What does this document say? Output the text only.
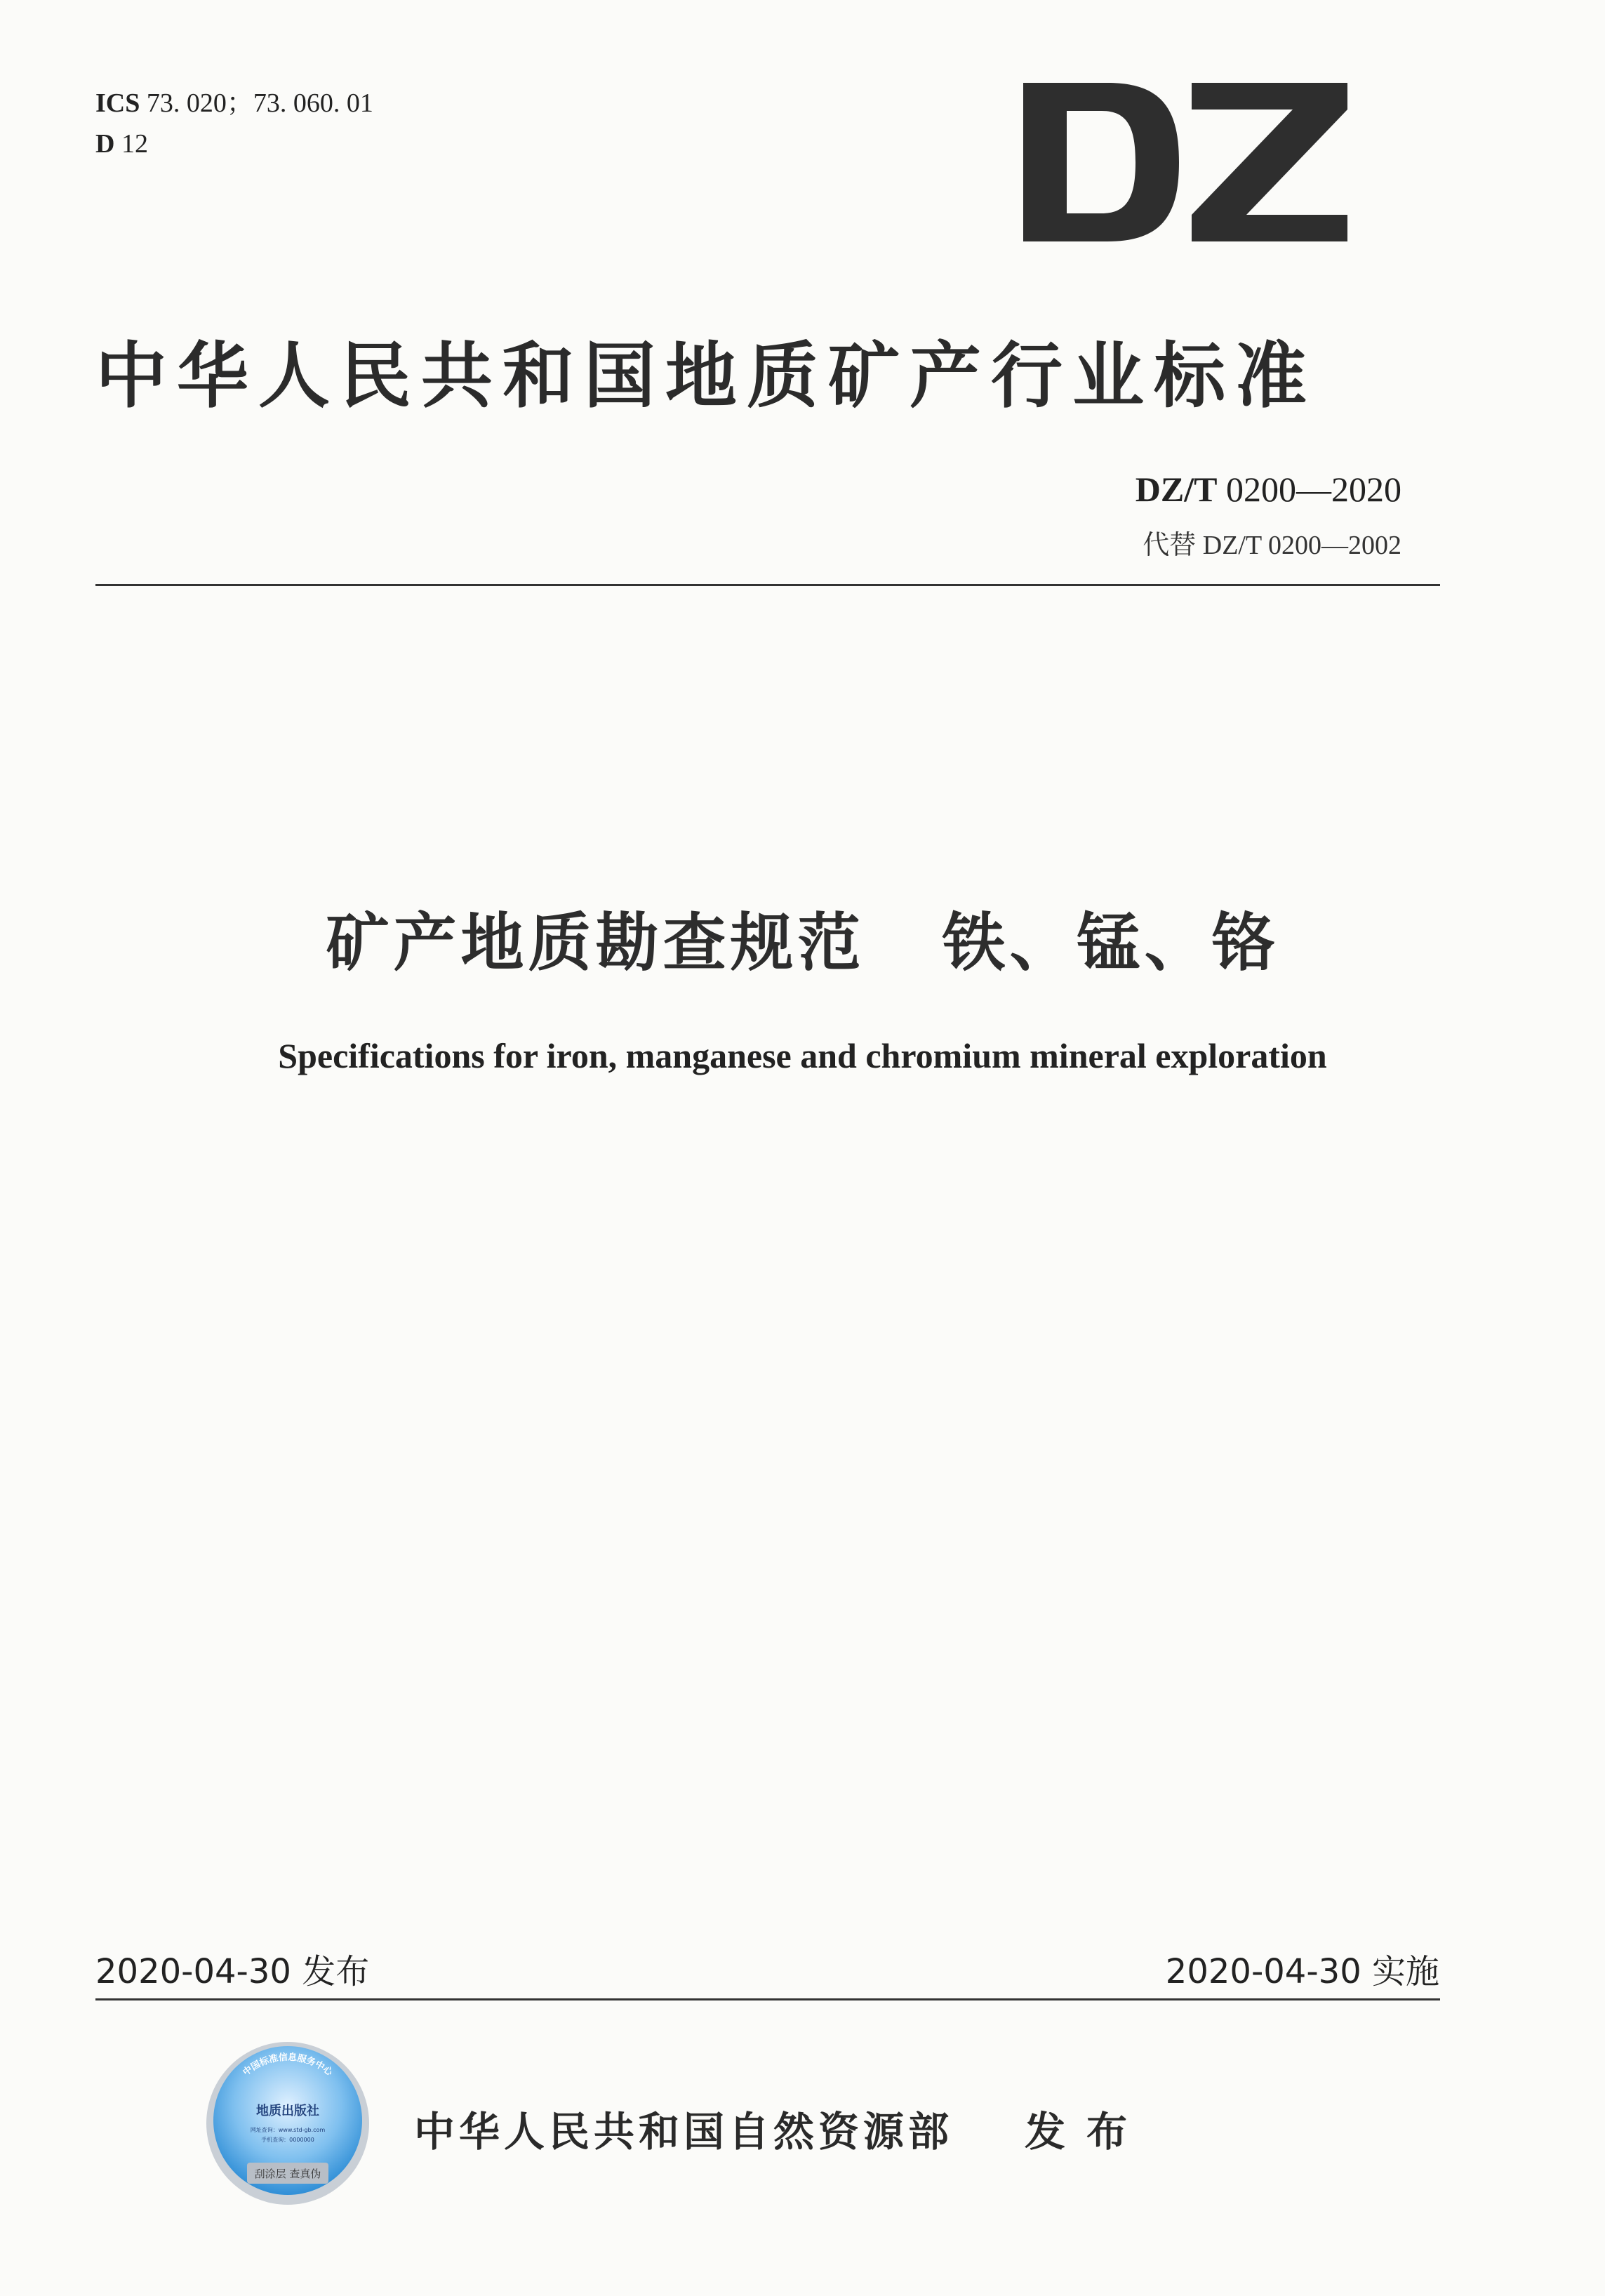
ICS 73. 020；73. 060. 01
D 12
中华人民共和国地质矿产行业标准
DZ/T 0200—2020
代替 DZ/T 0200—2002
矿产地质勘查规范 铁、锰、铬
Specifications for iron, manganese and chromium mineral exploration
2020-04-30 发布	2020-04-30 实施
中国标准信息服务中心
地质出版社
网址查询：www.std-gb.com
手机查询：0000000
刮涂层 查真伪
中华人民共和国自然资源部 发布
